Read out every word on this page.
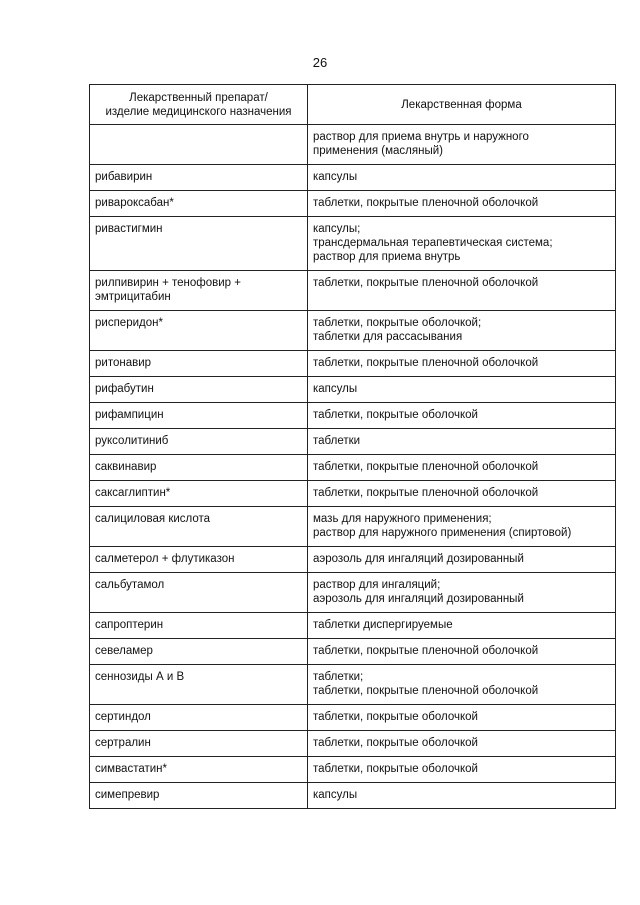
26
Лекарственный препарат/
изделие медицинского назначения	Лекарственная форма

	раствор для приема внутрь и наружного
применения (масляный)

рибавирин	капсулы

ривароксабан*	таблетки, покрытые пленочной оболочкой

ривастигмин	капсулы;
трансдермальная терапевтическая система;
раствор для приема внутрь

рилпивирин + тенофовир +
эмтрицитабин	таблетки, покрытые пленочной оболочкой

рисперидон*	таблетки, покрытые оболочкой;
таблетки для рассасывания

ритонавир	таблетки, покрытые пленочной оболочкой

рифабутин	капсулы

рифампицин	таблетки, покрытые оболочкой

руксолитиниб	таблетки

саквинавир	таблетки, покрытые пленочной оболочкой

саксаглиптин*	таблетки, покрытые пленочной оболочкой

салициловая кислота	мазь для наружного применения;
раствор для наружного применения (спиртовой)

салметерол + флутиказон	аэрозоль для ингаляций дозированный

сальбутамол	раствор для ингаляций;
аэрозоль для ингаляций дозированный

сапроптерин	таблетки диспергируемые

севеламер	таблетки, покрытые пленочной оболочкой

сеннозиды А и В	таблетки;
таблетки, покрытые пленочной оболочкой

сертиндол	таблетки, покрытые оболочкой

сертралин	таблетки, покрытые оболочкой

симвастатин*	таблетки, покрытые оболочкой

симепревир	капсулы
